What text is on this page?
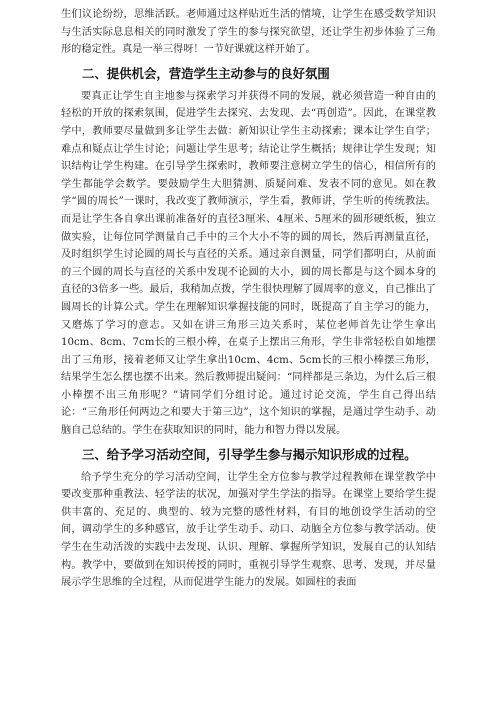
生们议论纷纷，思维活跃。老师通过这样贴近生活的情境，让学生在感受数学知识与生活实际息息相关的同时激发了学生的参与探究欲望，还让学生初步体验了三角形的稳定性。真是一举三得呀！一节好课就这样开始了。

二、提供机会，营造学生主动参与的良好氛围

要真正让学生自主地参与探索学习并获得不同的发展，就必须营造一种自由的轻松的开放的探索氛围，促进学生去探究、去发现、去“再创造”。因此，在课堂教学中，教师要尽量做到多让学生去做：新知识让学生主动探索；课本让学生自学；难点和疑点让学生讨论；问题让学生思考；结论让学生概括；规律让学生发现；知识结构让学生构建。在引导学生探索时，教师要注意树立学生的信心，相信所有的学生都能学会数学。要鼓励学生大胆猜测、质疑问难、发表不同的意见。如在教学“圆的周长”一课时，我改变了教师演示，学生看，教师讲，学生听的传统教法。而是让学生各自拿出课前准备好的直径3厘米、4厘米、5厘米的圆形硬纸板，独立做实验，让每位同学测量自己手中的三个大小不等的圆的周长，然后再测量直径，及时组织学生讨论圆的周长与直径的关系。通过亲自测量，同学们都明白，从前面的三个圆的周长与直径的关系中发现不论圆的大小，圆的周长都是与这个圆本身的直径的3倍多一些。最后，我稍加点拨，学生很快理解了圆周率的意义，自己推出了圆周长的计算公式。学生在理解知识掌握技能的同时，既提高了自主学习的能力，又磨炼了学习的意志。又如在讲三角形三边关系时，某位老师首先让学生拿出10cm、8cm、7cm长的三根小棒，在桌子上摆出三角形，学生非常轻松自如地摆出了三角形，接着老师又让学生拿出10cm、4cm、5cm长的三根小棒摆三角形，结果学生怎么摆也摆不出来。然后教师提出疑问：“同样都是三条边，为什么后三根小棒摆不出三角形呢？”请同学们分组讨论。通过讨论交流，学生自己得出结论：“三角形任何两边之和要大于第三边”，这个知识的掌握，是通过学生动手、动脑自己总结的。学生在获取知识的同时，能力和智力得以发展。

三、给予学习活动空间，引导学生参与揭示知识形成的过程。

给予学生充分的学习活动空间，让学生全方位参与教学过程教师在课堂教学中要改变那种重教法、轻学法的状况，加强对学生学法的指导。在课堂上要给学生提供丰富的、充足的、典型的、较为完整的感性材料，有目的地创设学生活动的空间，调动学生的多种感官，放手让学生动手、动口、动脑全方位参与教学活动。使学生在生动活泼的实践中去发现、认识、理解、掌握所学知识，发展自己的认知结构。教学中，要做到在知识传授的同时，重视引导学生观察、思考、发现，并尽量展示学生思维的全过程，从而促进学生能力的发展。如圆柱的表面
